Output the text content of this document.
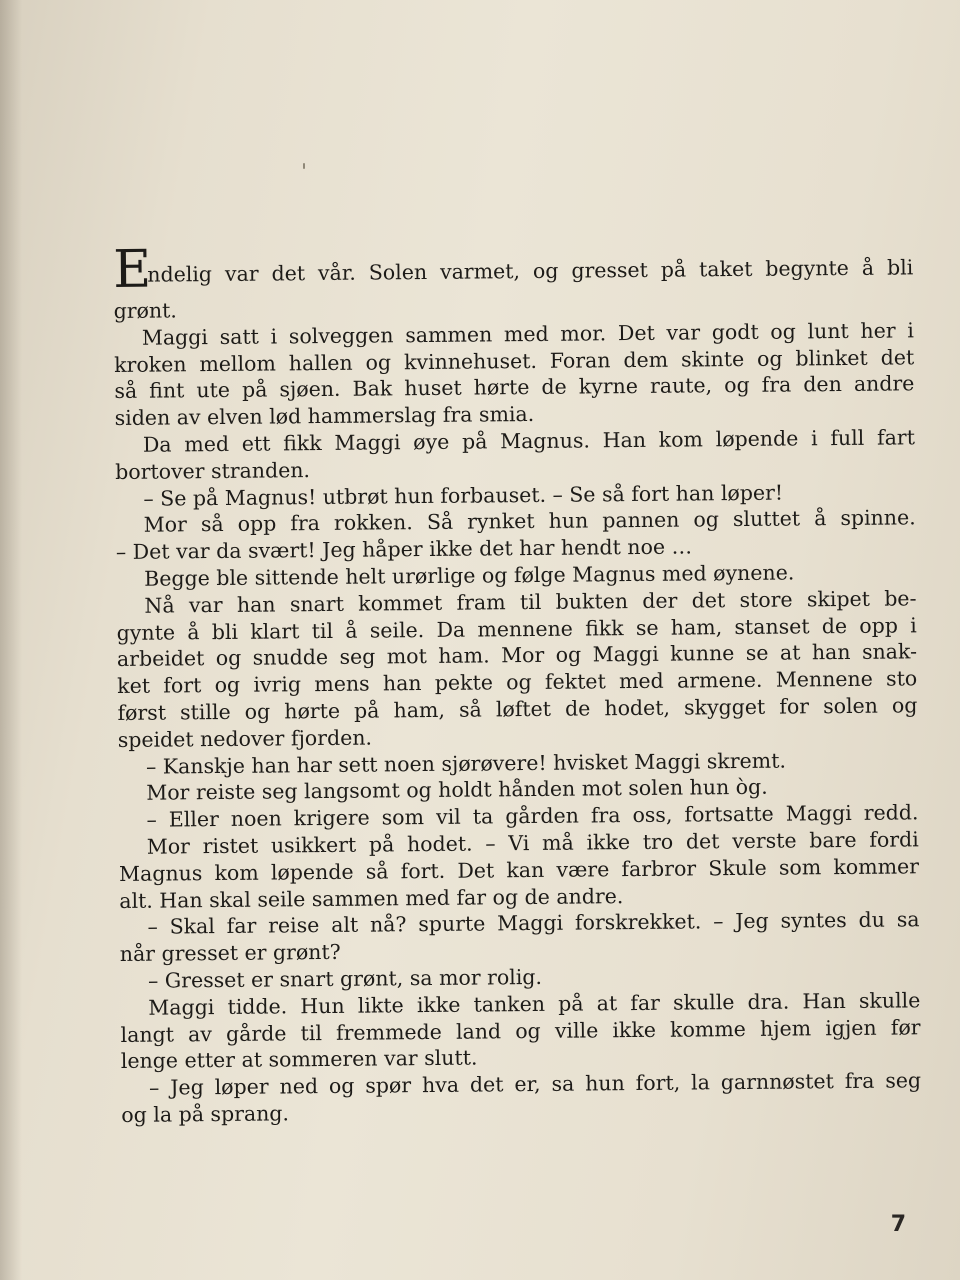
E
ndelig var det vår. Solen varmet, og gresset på taket begynte å bli
grønt.
Maggi satt i solveggen sammen med mor. Det var godt og lunt her i
kroken mellom hallen og kvinnehuset. Foran dem skinte og blinket det
så fint ute på sjøen. Bak huset hørte de kyrne raute, og fra den andre
siden av elven lød hammerslag fra smia.
Da med ett fikk Maggi øye på Magnus. Han kom løpende i full fart
bortover stranden.
– Se på Magnus! utbrøt hun forbauset. – Se så fort han løper!
Mor så opp fra rokken. Så rynket hun pannen og sluttet å spinne.
– Det var da svært! Jeg håper ikke det har hendt noe …
Begge ble sittende helt urørlige og følge Magnus med øynene.
Nå var han snart kommet fram til bukten der det store skipet be-
gynte å bli klart til å seile. Da mennene fikk se ham, stanset de opp i
arbeidet og snudde seg mot ham. Mor og Maggi kunne se at han snak-
ket fort og ivrig mens han pekte og fektet med armene. Mennene sto
først stille og hørte på ham, så løftet de hodet, skygget for solen og
speidet nedover fjorden.
– Kanskje han har sett noen sjørøvere! hvisket Maggi skremt.
Mor reiste seg langsomt og holdt hånden mot solen hun òg.
– Eller noen krigere som vil ta gården fra oss, fortsatte Maggi redd.
Mor ristet usikkert på hodet. – Vi må ikke tro det verste bare fordi
Magnus kom løpende så fort. Det kan være farbror Skule som kommer
alt. Han skal seile sammen med far og de andre.
– Skal far reise alt nå? spurte Maggi forskrekket. – Jeg syntes du sa
når gresset er grønt?
– Gresset er snart grønt, sa mor rolig.
Maggi tidde. Hun likte ikke tanken på at far skulle dra. Han skulle
langt av gårde til fremmede land og ville ikke komme hjem igjen før
lenge etter at sommeren var slutt.
– Jeg løper ned og spør hva det er, sa hun fort, la garnnøstet fra seg
og la på sprang.
7
